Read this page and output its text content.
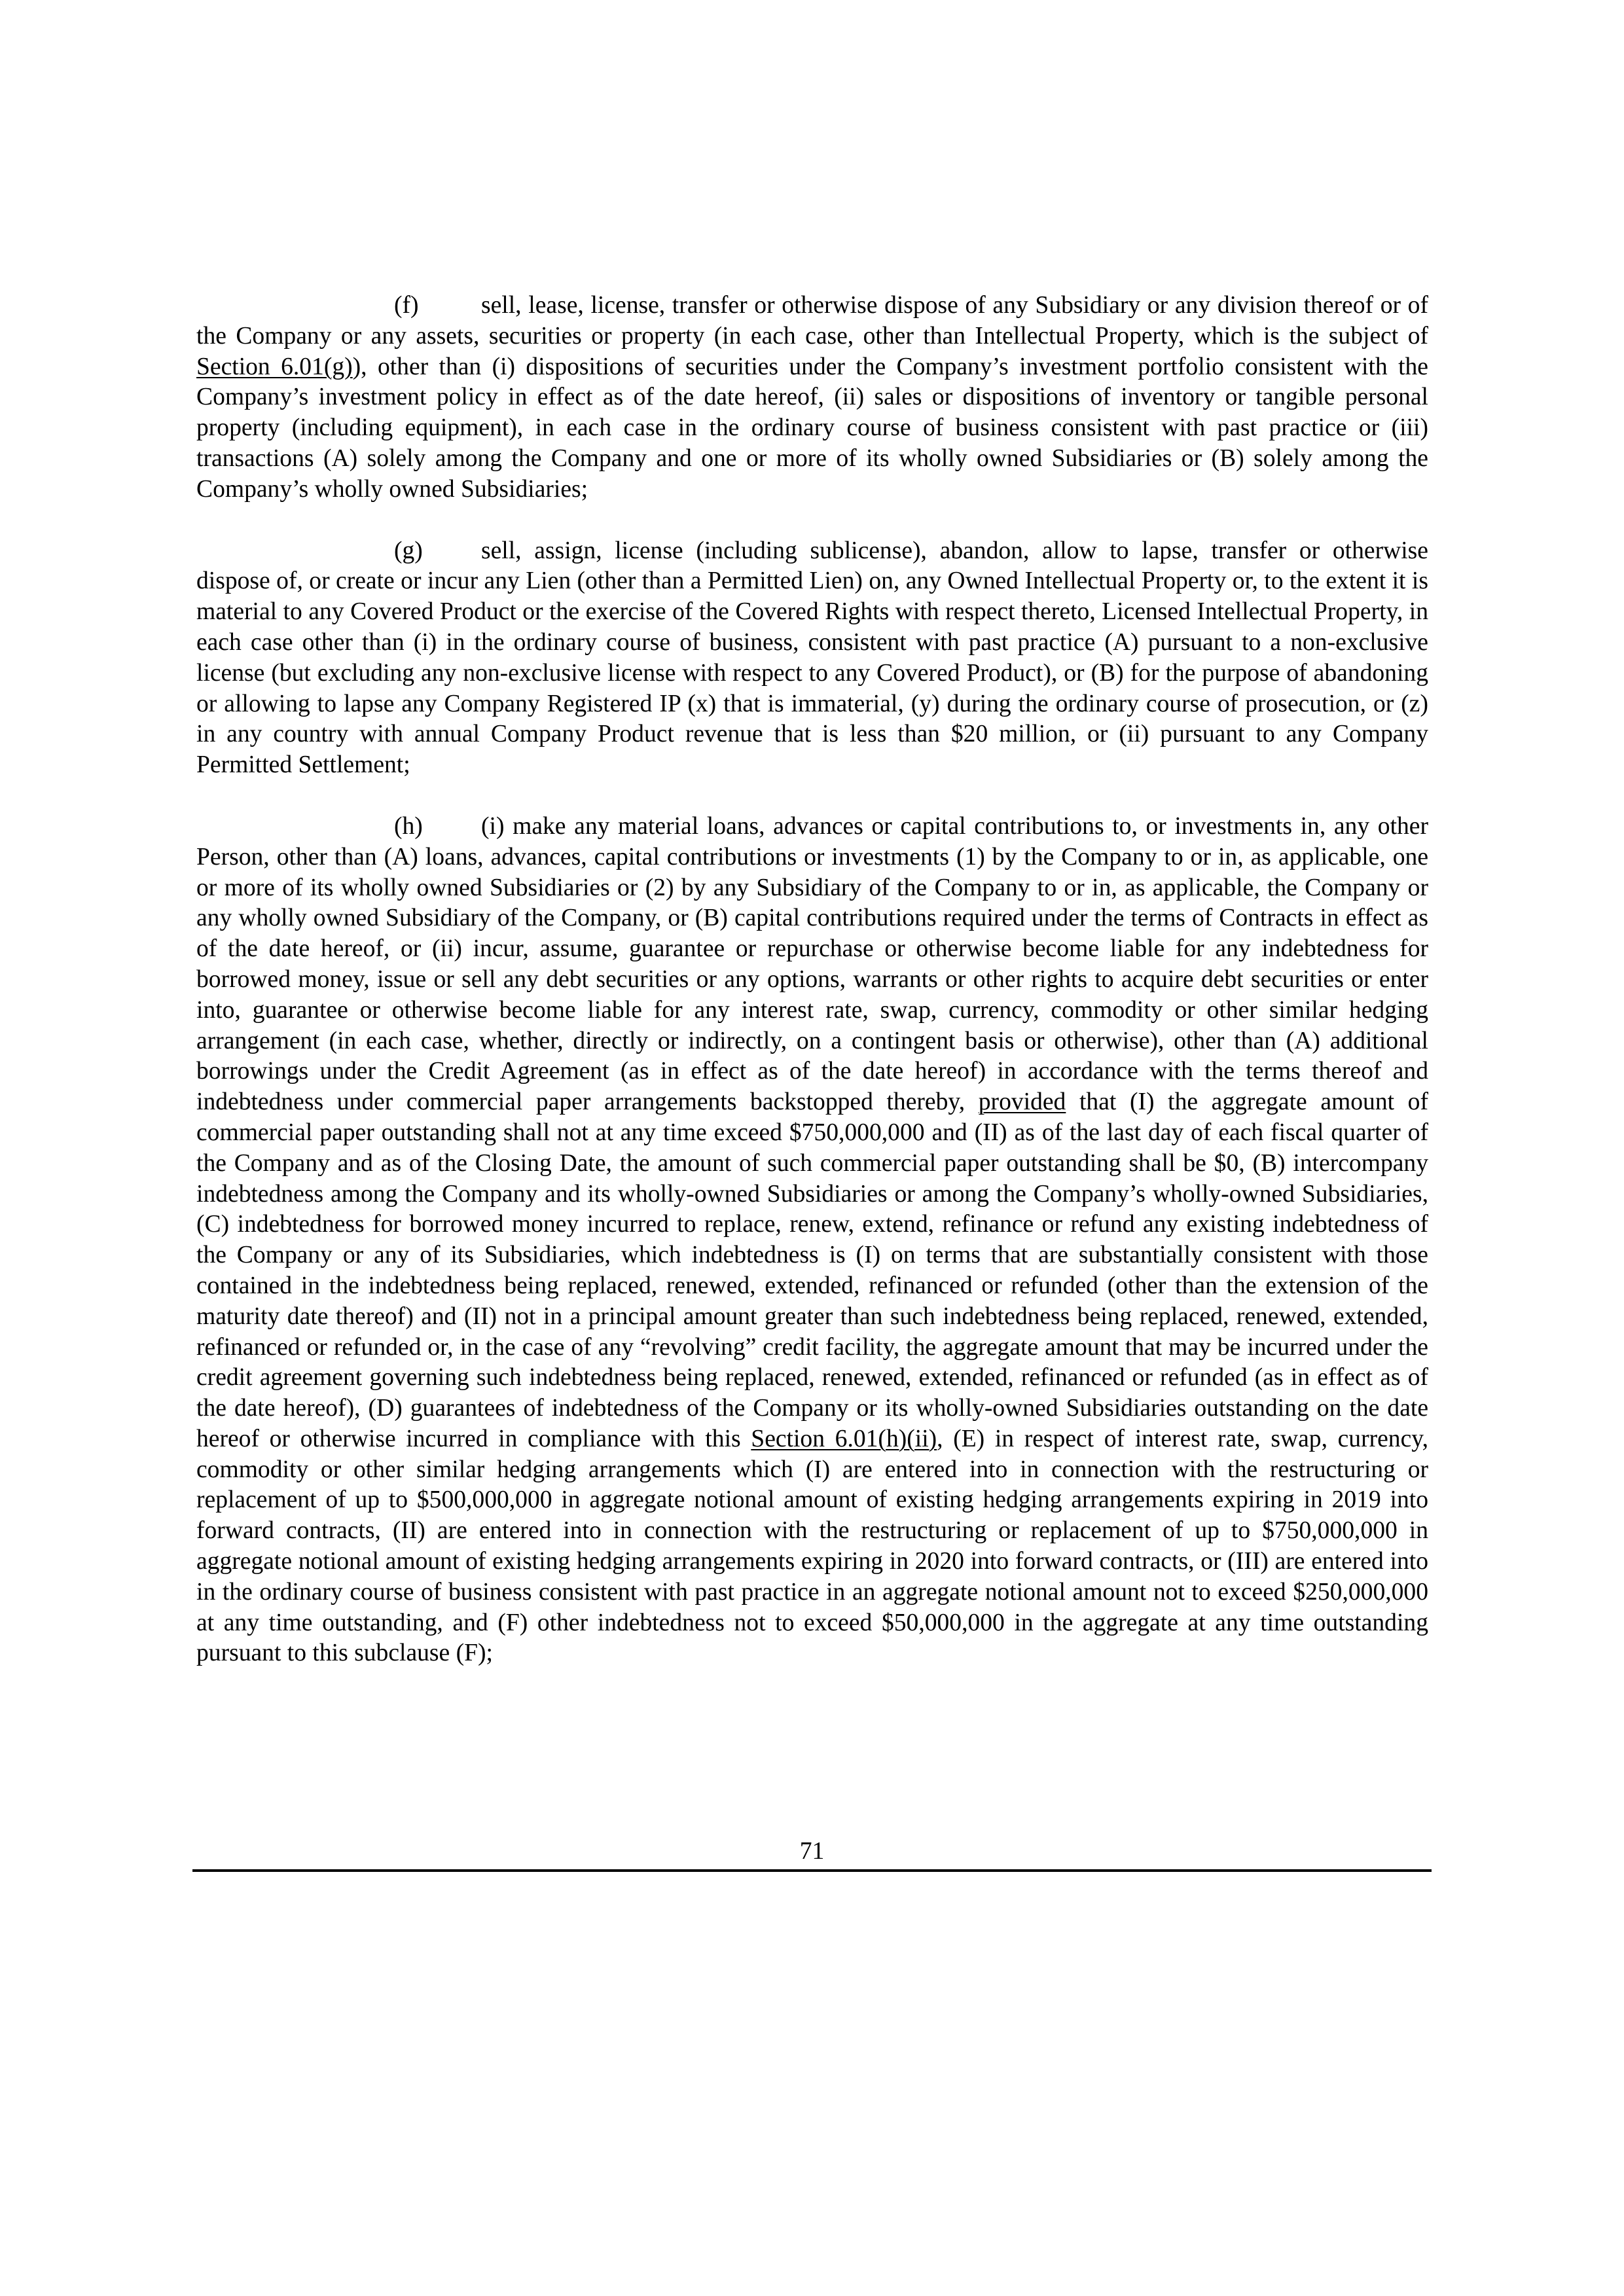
(f)	sell, lease, license, transfer or otherwise dispose of any Subsidiary or any division thereof or of the Company or any assets, securities or property (in each case, other than Intellectual Property, which is the subject of Section 6.01(g)), other than (i) dispositions of securities under the Company’s investment portfolio consistent with the Company’s investment policy in effect as of the date hereof, (ii) sales or dispositions of inventory or tangible personal property (including equipment), in each case in the ordinary course of business consistent with past practice or (iii) transactions (A) solely among the Company and one or more of its wholly owned Subsidiaries or (B) solely among the Company’s wholly owned Subsidiaries;

(g) sell, assign, license (including sublicense), abandon, allow to lapse, transfer or otherwise dispose of, or create or incur any Lien (other than a Permitted Lien) on, any Owned Intellectual Property or, to the extent it is material to any Covered Product or the exercise of the Covered Rights with respect thereto, Licensed Intellectual Property, in each case other than (i) in the ordinary course of business, consistent with past practice (A) pursuant to a non-exclusive license (but excluding any non-exclusive license with respect to any Covered Product), or (B) for the purpose of abandoning or allowing to lapse any Company Registered IP (x) that is immaterial, (y) during the ordinary course of prosecution, or (z) in any country with annual Company Product revenue that is less than $20 million, or (ii) pursuant to any Company Permitted Settlement;

(h) (i) make any material loans, advances or capital contributions to, or investments in, any other Person, other than (A) loans, advances, capital contributions or investments (1) by the Company to or in, as applicable, one or more of its wholly owned Subsidiaries or (2) by any Subsidiary of the Company to or in, as applicable, the Company or any wholly owned Subsidiary of the Company, or (B) capital contributions required under the terms of Contracts in effect as of the date hereof, or (ii) incur, assume, guarantee or repurchase or otherwise become liable for any indebtedness for borrowed money, issue or sell any debt securities or any options, warrants or other rights to acquire debt securities or enter into, guarantee or otherwise become liable for any interest rate, swap, currency, commodity or other similar hedging arrangement (in each case, whether, directly or indirectly, on a contingent basis or otherwise), other than (A) additional borrowings under the Credit Agreement (as in effect as of the date hereof) in accordance with the terms thereof and indebtedness under commercial paper arrangements backstopped thereby, provided that (I) the aggregate amount of commercial paper outstanding shall not at any time exceed $750,000,000 and (II) as of the last day of each fiscal quarter of the Company and as of the Closing Date, the amount of such commercial paper outstanding shall be $0, (B) intercompany indebtedness among the Company and its wholly-owned Subsidiaries or among the Company’s wholly-owned Subsidiaries, (C) indebtedness for borrowed money incurred to replace, renew, extend, refinance or refund any existing indebtedness of the Company or any of its Subsidiaries, which indebtedness is (I) on terms that are substantially consistent with those contained in the indebtedness being replaced, renewed, extended, refinanced or refunded (other than the extension of the maturity date thereof) and (II) not in a principal amount greater than such indebtedness being replaced, renewed, extended, refinanced or refunded or, in the case of any “revolving” credit facility, the aggregate amount that may be incurred under the credit agreement governing such indebtedness being replaced, renewed, extended, refinanced or refunded (as in effect as of the date hereof), (D) guarantees of indebtedness of the Company or its wholly-owned Subsidiaries outstanding on the date hereof or otherwise incurred in compliance with this Section 6.01(h)(ii), (E) in respect of interest rate, swap, currency, commodity or other similar hedging arrangements which (I) are entered into in connection with the restructuring or replacement of up to $500,000,000 in aggregate notional amount of existing hedging arrangements expiring in 2019 into forward contracts, (II) are entered into in connection with the restructuring or replacement of up to $750,000,000 in aggregate notional amount of existing hedging arrangements expiring in 2020 into forward contracts, or (III) are entered into in the ordinary course of business consistent with past practice in an aggregate notional amount not to exceed $250,000,000 at any time outstanding, and (F) other indebtedness not to exceed $50,000,000 in the aggregate at any time outstanding pursuant to this subclause (F);

71
